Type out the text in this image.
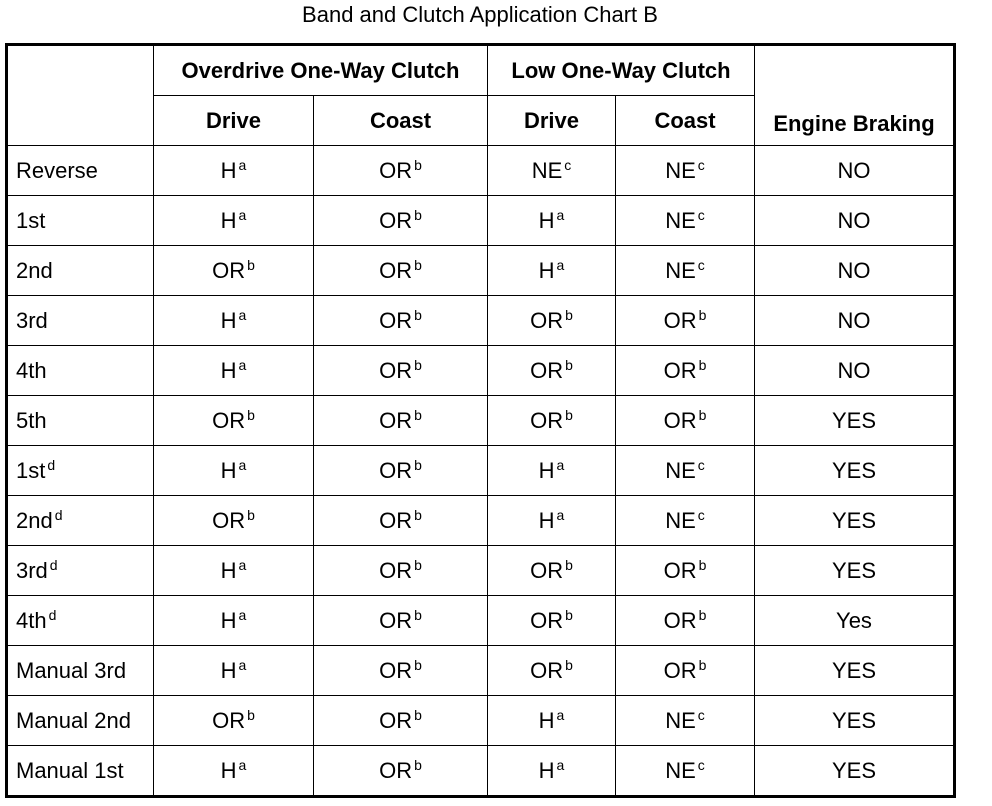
Band and Clutch Application Chart B
	Overdrive One-Way Clutch		Low One-Way Clutch		Engine Braking
	Drive	Coast	Drive	Coast	
Reverse	H $^a$	OR $^b$	NE $^c$	NE $^c$	NO
1st	H $^a$	OR $^b$	H $^a$	NE $^c$	NO
2nd	OR $^b$	OR $^b$	H $^a$	NE $^c$	NO
3rd	H $^a$	OR $^b$	OR $^b$	OR $^b$	NO
4th	H $^a$	OR $^b$	OR $^b$	OR $^b$	NO
5th	OR $^b$	OR $^b$	OR $^b$	OR $^b$	YES
1st $^d$	H $^a$	OR $^b$	H $^a$	NE $^c$	YES
2nd $^d$	OR $^b$	OR $^b$	H $^a$	NE $^c$	YES
3rd $^d$	H $^a$	OR $^b$	OR $^b$	OR $^b$	YES
4th $^d$	H $^a$	OR $^b$	OR $^b$	OR $^b$	Yes
Manual 3rd	H $^a$	OR $^b$	OR $^b$	OR $^b$	YES
Manual 2nd	OR $^b$	OR $^b$	H $^a$	NE $^c$	YES
Manual 1st	H $^a$	OR $^b$	H $^a$	NE $^c$	YES
